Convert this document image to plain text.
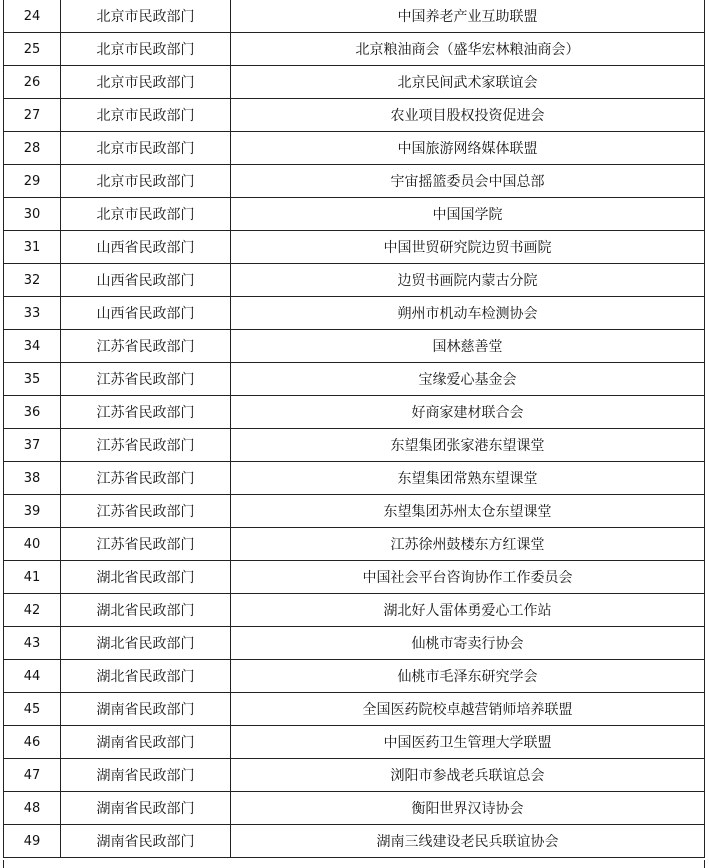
24	北京市民政部门	中国养老产业互助联盟
25	北京市民政部门	北京粮油商会（盛华宏林粮油商会）
26	北京市民政部门	北京民间武术家联谊会
27	北京市民政部门	农业项目股权投资促进会
28	北京市民政部门	中国旅游网络媒体联盟
29	北京市民政部门	宇宙摇篮委员会中国总部
30	北京市民政部门	中国国学院
31	山西省民政部门	中国世贸研究院边贸书画院
32	山西省民政部门	边贸书画院内蒙古分院
33	山西省民政部门	朔州市机动车检测协会
34	江苏省民政部门	国林慈善堂
35	江苏省民政部门	宝缘爱心基金会
36	江苏省民政部门	好商家建材联合会
37	江苏省民政部门	东望集团张家港东望课堂
38	江苏省民政部门	东望集团常熟东望课堂
39	江苏省民政部门	东望集团苏州太仓东望课堂
40	江苏省民政部门	江苏徐州鼓楼东方红课堂
41	湖北省民政部门	中国社会平台咨询协作工作委员会
42	湖北省民政部门	湖北好人雷体勇爱心工作站
43	湖北省民政部门	仙桃市寄卖行协会
44	湖北省民政部门	仙桃市毛泽东研究学会
45	湖南省民政部门	全国医药院校卓越营销师培养联盟
46	湖南省民政部门	中国医药卫生管理大学联盟
47	湖南省民政部门	浏阳市参战老兵联谊总会
48	湖南省民政部门	衡阳世界汉诗协会
49	湖南省民政部门	湖南三线建设老民兵联谊协会
